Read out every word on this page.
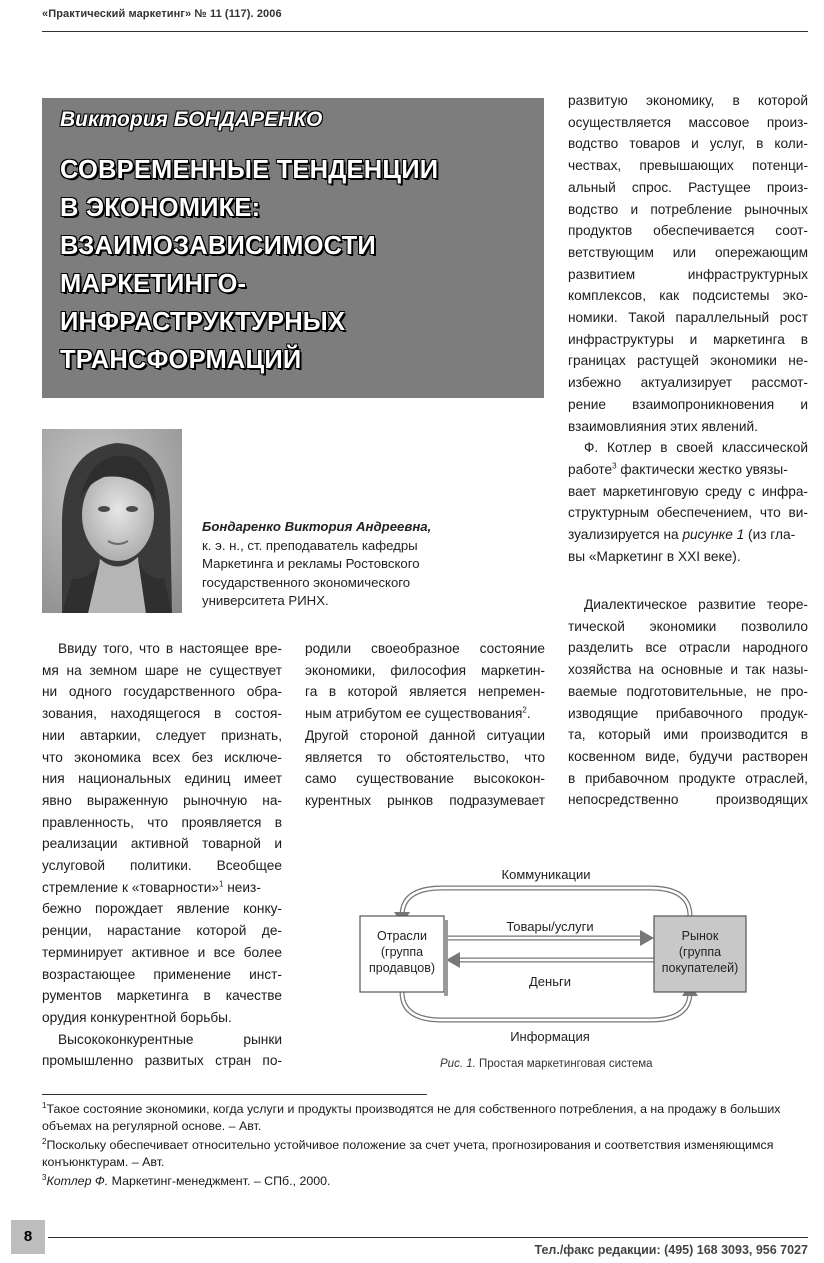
«Практический маркетинг» № 11 (117). 2006
Виктория БОНДАРЕНКО
СОВРЕМЕННЫЕ ТЕНДЕНЦИИ
В ЭКОНОМИКЕ:
ВЗАИМОЗАВИСИМОСТИ
МАРКЕТИНГО-
ИНФРАСТРУКТУРНЫХ
ТРАНСФОРМАЦИЙ
Бондаренко Виктория Андреевна,
к. э. н., ст. преподаватель кафедры
Маркетинга и рекламы Ростовского
государственного экономического
университета РИНХ.
Ввиду того, что в настоящее вре-
мя на земном шаре не существует
ни одного государственного обра-
зования, находящегося в состоя-
нии автаркии, следует признать,
что экономика всех без исключе-
ния национальных единиц имеет
явно выраженную рыночную на-
правленность, что проявляется в
реализации активной товарной и
услуговой политики. Всеобщее
стремление к «товарности»$^1$ неиз-
бежно порождает явление конку-
ренции, нарастание которой де-
терминирует активное и все более
возрастающее применение инст-
рументов маркетинга в качестве
орудия конкурентной борьбы.
Высококонкурентные рынки
промышленно развитых стран по-
родили своеобразное состояние
экономики, философия маркетин-
га в которой является непремен-
ным атрибутом ее существования$^2$.
Другой стороной данной ситуации
является то обстоятельство, что
само существование высококон-
курентных рынков подразумевает
развитую экономику, в которой
осуществляется массовое произ-
водство товаров и услуг, в коли-
чествах, превышающих потенци-
альный спрос. Растущее произ-
водство и потребление рыночных
продуктов обеспечивается соот-
ветствующим или опережающим
развитием инфраструктурных
комплексов, как подсистемы эко-
номики. Такой параллельный рост
инфраструктуры и маркетинга в
границах растущей экономики не-
избежно актуализирует рассмот-
рение взаимопроникновения и
взаимовлияния этих явлений.
Ф. Котлер в своей классической
работе$^3$ фактически жестко увязы-
вает маркетинговую среду с инфра-
структурным обеспечением, что ви-
зуализируется на рисунке 1 (из гла-
вы «Маркетинг в XXI веке).
Диалектическое развитие теоре-
тической экономики позволило
разделить все отрасли народного
хозяйства на основные и так назы-
ваемые подготовительные, не про-
изводящие прибавочного продук-
та, который ими производится в
косвенном виде, будучи растворен
в прибавочном продукте отраслей,
непосредственно производящих
Отрасли
(группа
продавцов)
Рынок
(группа
покупателей)
Коммуникации
Товары/услуги
Деньги
Информация
Рис. 1. Простая маркетинговая система

$^1$Такое состояние экономики, когда услуги и продукты производятся не для собственного потребления, а на продажу в больших объемах на регулярной основе. – Авт.

$^2$Поскольку обеспечивает относительно устойчивое положение за счет учета, прогнозирования и соответствия изменяющимся конъюнктурам. – Авт.

$^3$Котлер Ф. Маркетинг-менеджмент. – СПб., 2000.

8
Тел./факс редакции: (495) 168 3093, 956 7027
